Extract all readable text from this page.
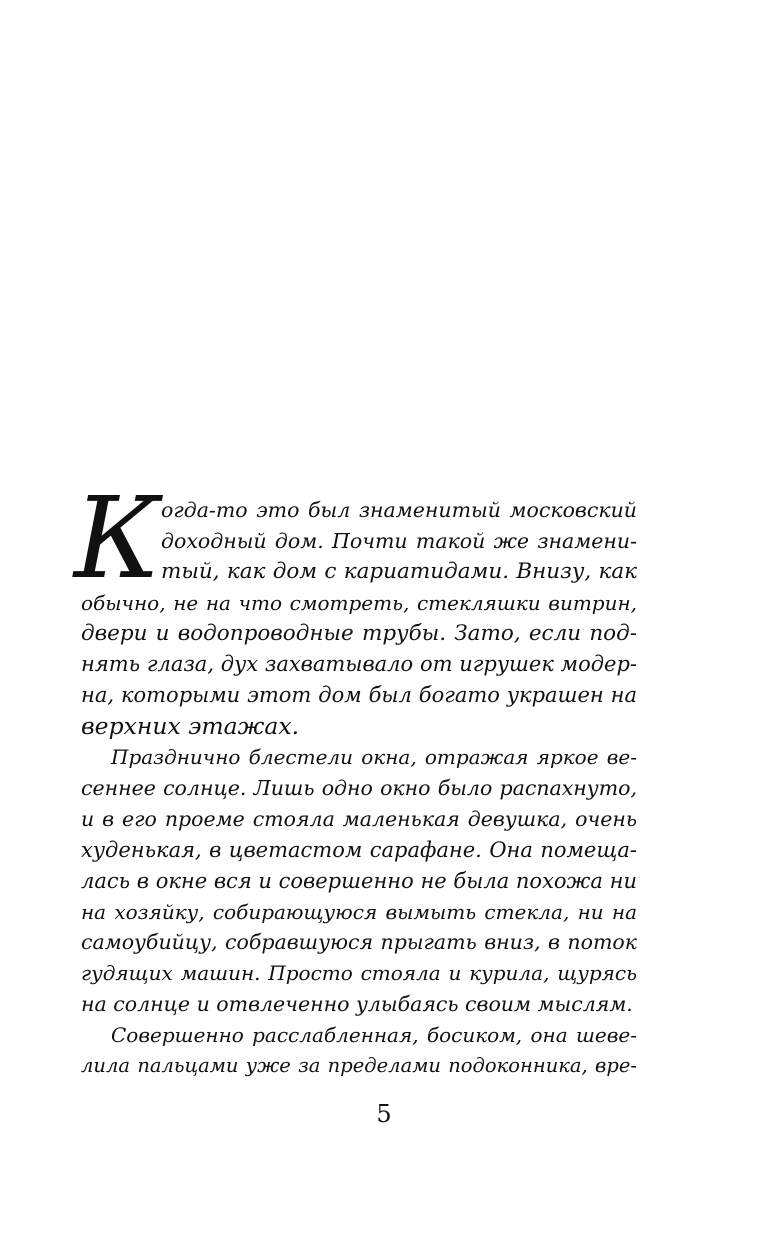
К огда-то это был знаменитый московский
доходный дом. Почти такой же знамени-
тый, как дом с кариатидами. Внизу, как
обычно, не на что смотреть, стекляшки витрин,
двери и водопроводные трубы. Зато, если под-
нять глаза, дух захватывало от игрушек модер-
на, которыми этот дом был богато украшен на
верхних этажах.
Празднично блестели окна, отражая яркое ве-
сеннее солнце. Лишь одно окно было распахнуто,
и в его проеме стояла маленькая девушка, очень
худенькая, в цветастом сарафане. Она помеща-
лась в окне вся и совершенно не была похожа ни
на хозяйку, собирающуюся вымыть стекла, ни на
самоубийцу, собравшуюся прыгать вниз, в поток
гудящих машин. Просто стояла и курила, щурясь
на солнце и отвлеченно улыбаясь своим мыслям.
Совершенно расслабленная, босиком, она шеве-
лила пальцами уже за пределами подоконника, вре-
5
